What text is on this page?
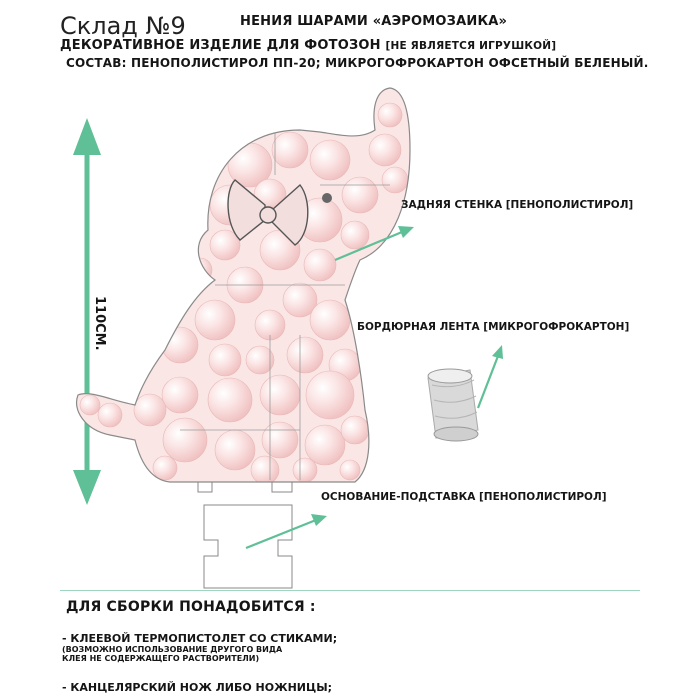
Склад №9	НЕНИЯ ШАРАМИ «АЭРОМОЗАИКА»
ДЕКОРАТИВНОЕ ИЗДЕЛИЕ ДЛЯ ФОТОЗОН [НЕ ЯВЛЯЕТСЯ ИГРУШКОЙ]
СОСТАВ: ПЕНОПОЛИСТИРОЛ ПП-20; МИКРОГОФРОКАРТОН ОФСЕТНЫЙ БЕЛЕНЫЙ.
110CM.
ЗАДНЯЯ СТЕНКА [ПЕНОПОЛИСТИРОЛ]
БОРДЮРНАЯ ЛЕНТА [МИКРОГОФРОКАРТОН]
ОСНОВАНИЕ-ПОДСТАВКА [ПЕНОПОЛИСТИРОЛ]
ДЛЯ СБОРКИ ПОНАДОБИТСЯ :
- КЛЕЕВОЙ ТЕРМОПИСТОЛЕТ СО СТИКАМИ;
(ВОЗМОЖНО ИСПОЛЬЗОВАНИЕ ДРУГОГО ВИДА
КЛЕЯ НЕ СОДЕРЖАЩЕГО РАСТВОРИТЕЛИ)
- КАНЦЕЛЯРСКИЙ НОЖ ЛИБО НОЖНИЦЫ;
